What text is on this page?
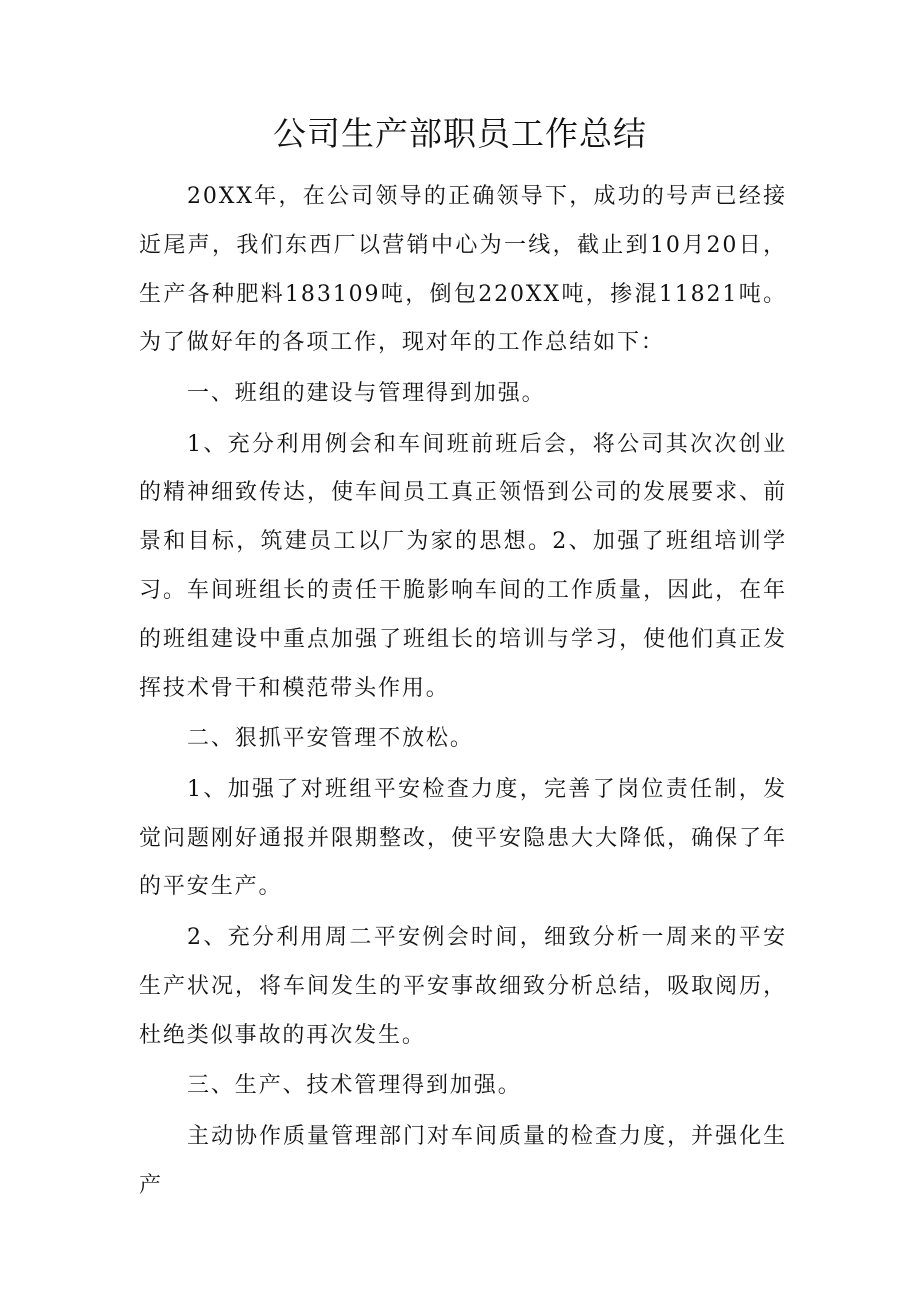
公司生产部职员工作总结

20XX年，在公司领导的正确领导下，成功的号声已经接近尾声，我们东西厂以营销中心为一线，截止到10月20日，生产各种肥料183109吨，倒包220XX吨，掺混11821吨。为了做好年的各项工作，现对年的工作总结如下：

一、班组的建设与管理得到加强。

1、充分利用例会和车间班前班后会，将公司其次次创业的精神细致传达，使车间员工真正领悟到公司的发展要求、前景和目标，筑建员工以厂为家的思想。2、加强了班组培训学习。车间班组长的责任干脆影响车间的工作质量，因此，在年的班组建设中重点加强了班组长的培训与学习，使他们真正发挥技术骨干和模范带头作用。

二、狠抓平安管理不放松。

1、加强了对班组平安检查力度，完善了岗位责任制，发觉问题刚好通报并限期整改，使平安隐患大大降低，确保了年的平安生产。

2、充分利用周二平安例会时间，细致分析一周来的平安生产状况，将车间发生的平安事故细致分析总结，吸取阅历，杜绝类似事故的再次发生。

三、生产、技术管理得到加强。

主动协作质量管理部门对车间质量的检查力度，并强化生产
